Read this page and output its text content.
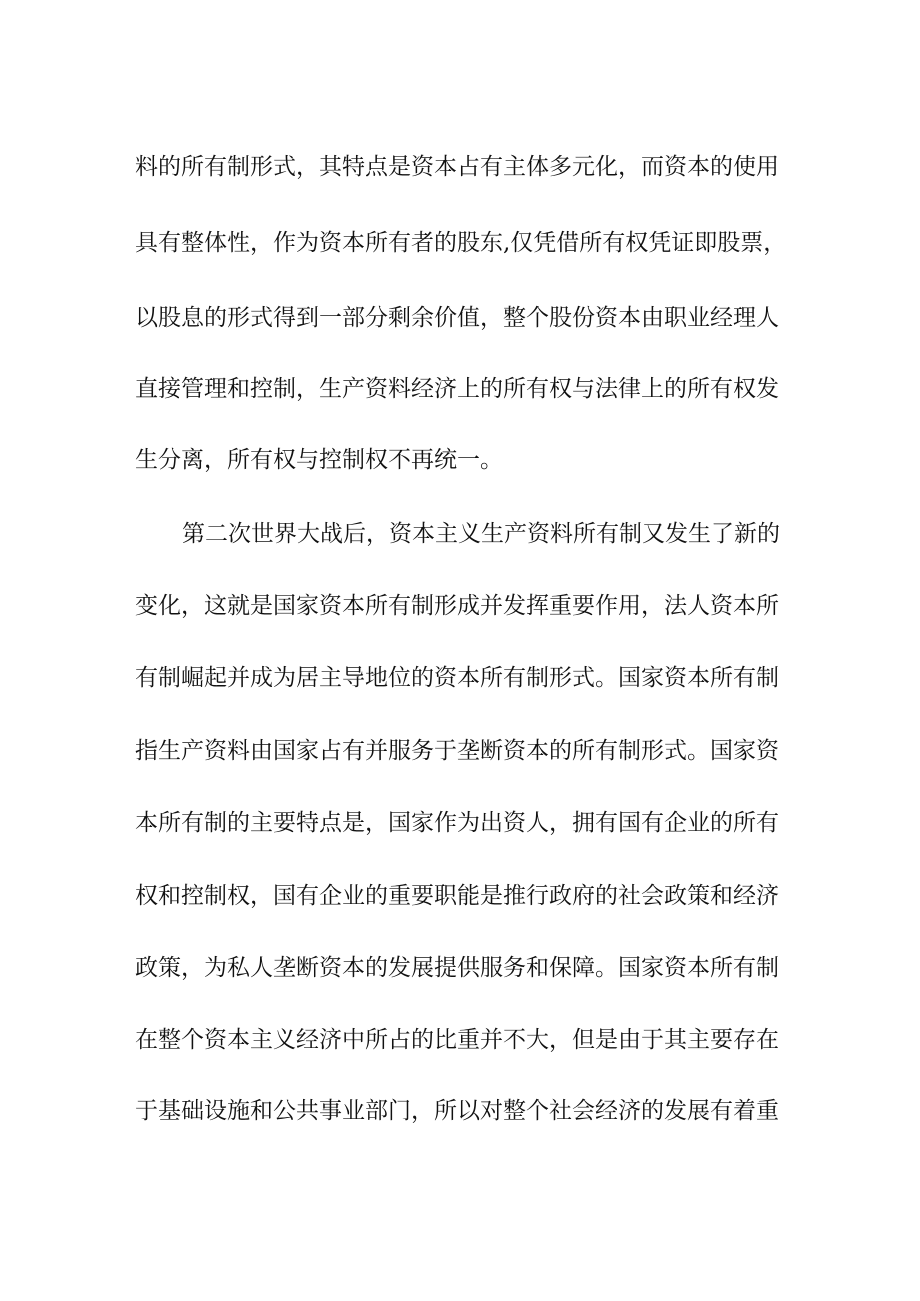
料的所有制形式，其特点是资本占有主体多元化，而资本的使用
具有整体性，作为资本所有者的股东,仅凭借所有权凭证即股票，
以股息的形式得到一部分剩余价值，整个股份资本由职业经理人
直接管理和控制，生产资料经济上的所有权与法律上的所有权发
生分离，所有权与控制权不再统一。
第二次世界大战后，资本主义生产资料所有制又发生了新的
变化，这就是国家资本所有制形成并发挥重要作用，法人资本所
有制崛起并成为居主导地位的资本所有制形式。国家资本所有制
指生产资料由国家占有并服务于垄断资本的所有制形式。国家资
本所有制的主要特点是，国家作为出资人，拥有国有企业的所有
权和控制权，国有企业的重要职能是推行政府的社会政策和经济
政策，为私人垄断资本的发展提供服务和保障。国家资本所有制
在整个资本主义经济中所占的比重并不大，但是由于其主要存在
于基础设施和公共事业部门，所以对整个社会经济的发展有着重
